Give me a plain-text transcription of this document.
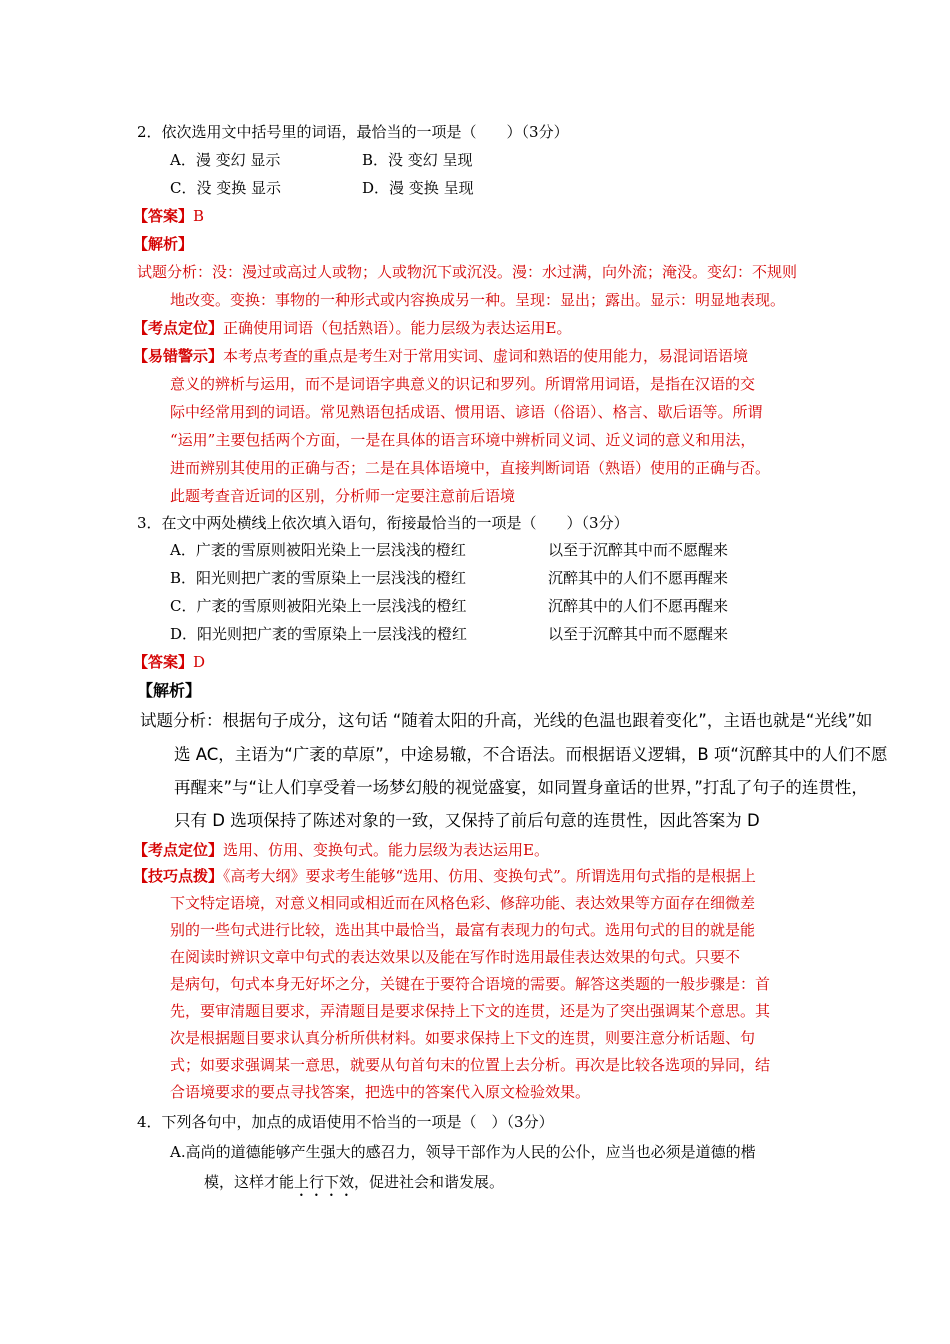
2．依次选用文中括号里的词语，最恰当的一项是（　　）（3分）
A．漫 变幻 显示	B．没 变幻 呈现
C．没 变换 显示	D．漫 变换 呈现
【答案】B
【解析】
试题分析：没：漫过或高过人或物；人或物沉下或沉没。漫：水过满，向外流；淹没。变幻：不规则
地改变。变换：事物的一种形式或内容换成另一种。呈现：显出；露出。显示：明显地表现。
【考点定位】正确使用词语（包括熟语）。能力层级为表达运用E。
【易错警示】本考点考查的重点是考生对于常用实词、虚词和熟语的使用能力，易混词语语境
意义的辨析与运用，而不是词语字典意义的识记和罗列。所谓常用词语，是指在汉语的交
际中经常用到的词语。常见熟语包括成语、惯用语、谚语（俗语）、格言、歇后语等。所谓
“运用”主要包括两个方面，一是在具体的语言环境中辨析同义词、近义词的意义和用法，
进而辨别其使用的正确与否；二是在具体语境中，直接判断词语（熟语）使用的正确与否。
此题考查音近词的区别，分析师一定要注意前后语境
3．在文中两处横线上依次填入语句，衔接最恰当的一项是（　　）（3分）
A．广袤的雪原则被阳光染上一层浅浅的橙红	以至于沉醉其中而不愿醒来
B．阳光则把广袤的雪原染上一层浅浅的橙红	沉醉其中的人们不愿再醒来
C．广袤的雪原则被阳光染上一层浅浅的橙红	沉醉其中的人们不愿再醒来
D．阳光则把广袤的雪原染上一层浅浅的橙红	以至于沉醉其中而不愿醒来
【答案】D
【解析】
试题分析：根据句子成分，这句话 “随着太阳的升高，光线的色温也跟着变化”，主语也就是“光线”如
选 AC，主语为“广袤的草原”，中途易辙，不合语法。而根据语义逻辑，B 项“沉醉其中的人们不愿
再醒来”与“让人们享受着一场梦幻般的视觉盛宴，如同置身童话的世界，”打乱了句子的连贯性，
只有 D 选项保持了陈述对象的一致，又保持了前后句意的连贯性，因此答案为 D
【考点定位】选用、仿用、变换句式。能力层级为表达运用E。
【技巧点拨】《高考大纲》要求考生能够“选用、仿用、变换句式”。所谓选用句式指的是根据上
下文特定语境，对意义相同或相近而在风格色彩、修辞功能、表达效果等方面存在细微差
别的一些句式进行比较，选出其中最恰当，最富有表现力的句式。选用句式的目的就是能
在阅读时辨识文章中句式的表达效果以及能在写作时选用最佳表达效果的句式。只要不
是病句，句式本身无好坏之分，关键在于要符合语境的需要。解答这类题的一般步骤是：首
先，要审清题目要求，弄清题目是要求保持上下文的连贯，还是为了突出强调某个意思。其
次是根据题目要求认真分析所供材料。如要求保持上下文的连贯，则要注意分析话题、句
式；如要求强调某一意思，就要从句首句末的位置上去分析。再次是比较各选项的异同，结
合语境要求的要点寻找答案，把选中的答案代入原文检验效果。
4．下列各句中，加点的成语使用不恰当的一项是（　）（3分）
A.高尚的道德能够产生强大的感召力，领导干部作为人民的公仆，应当也必须是道德的楷
模，这样才能上行下效，促进社会和谐发展。
